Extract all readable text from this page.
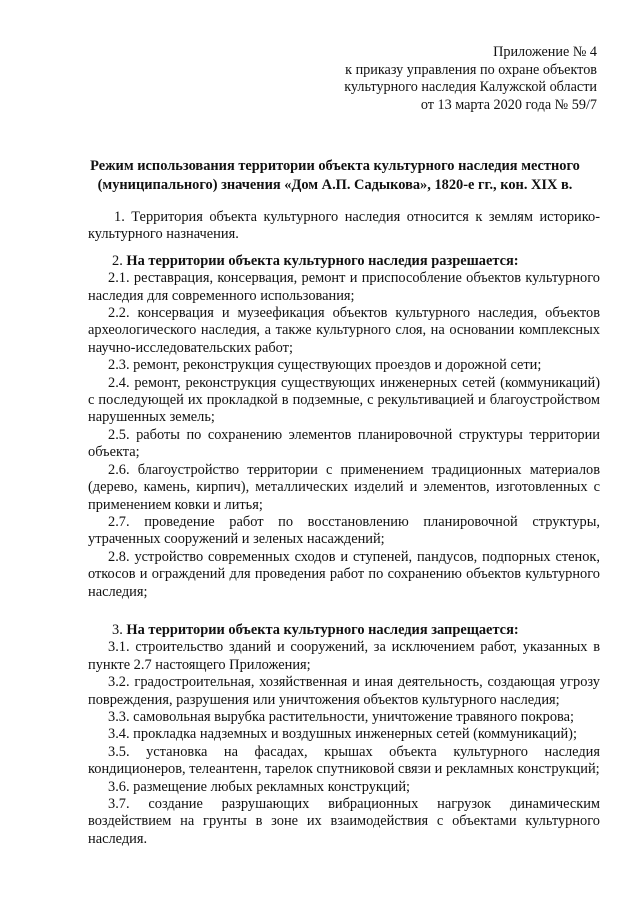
Приложение № 4
к приказу управления по охране объектов
культурного наследия Калужской области
от 13 марта 2020 года № 59/7
Режим использования территории объекта культурного наследия местного
(муниципального) значения «Дом А.П. Садыкова», 1820-е гг., кон. XIX в.

1. Территория объекта культурного наследия относится к землям историко-культурного назначения.

2. На территории объекта культурного наследия разрешается:

2.1. реставрация, консервация, ремонт и приспособление объектов культурного наследия для современного использования;

2.2. консервация и музеефикация объектов культурного наследия, объектов археологического наследия, а также культурного слоя, на основании комплексных научно-исследовательских работ;

2.3. ремонт, реконструкция существующих проездов и дорожной сети;

2.4. ремонт, реконструкция существующих инженерных сетей (коммуникаций) с последующей их прокладкой в подземные, с рекультивацией и благоустройством нарушенных земель;

2.5. работы по сохранению элементов планировочной структуры территории объекта;

2.6. благоустройство территории с применением традиционных материалов (дерево, камень, кирпич), металлических изделий и элементов, изготовленных с применением ковки и литья;

2.7. проведение работ по восстановлению планировочной структуры, утраченных сооружений и зеленых насаждений;

2.8. устройство современных сходов и ступеней, пандусов, подпорных стенок, откосов и ограждений для проведения работ по сохранению объектов культурного наследия;

3. На территории объекта культурного наследия запрещается:

3.1. строительство зданий и сооружений, за исключением работ, указанных в пункте 2.7 настоящего Приложения;

3.2. градостроительная, хозяйственная и иная деятельность, создающая угрозу повреждения, разрушения или уничтожения объектов культурного наследия;

3.3. самовольная вырубка растительности, уничтожение травяного покрова;

3.4. прокладка надземных и воздушных инженерных сетей (коммуникаций);

3.5. установка на фасадах, крышах объекта культурного наследия кондиционеров, телеантенн, тарелок спутниковой связи и рекламных конструкций;

3.6. размещение любых рекламных конструкций;

3.7. создание разрушающих вибрационных нагрузок динамическим воздействием на грунты в зоне их взаимодействия с объектами культурного наследия.
